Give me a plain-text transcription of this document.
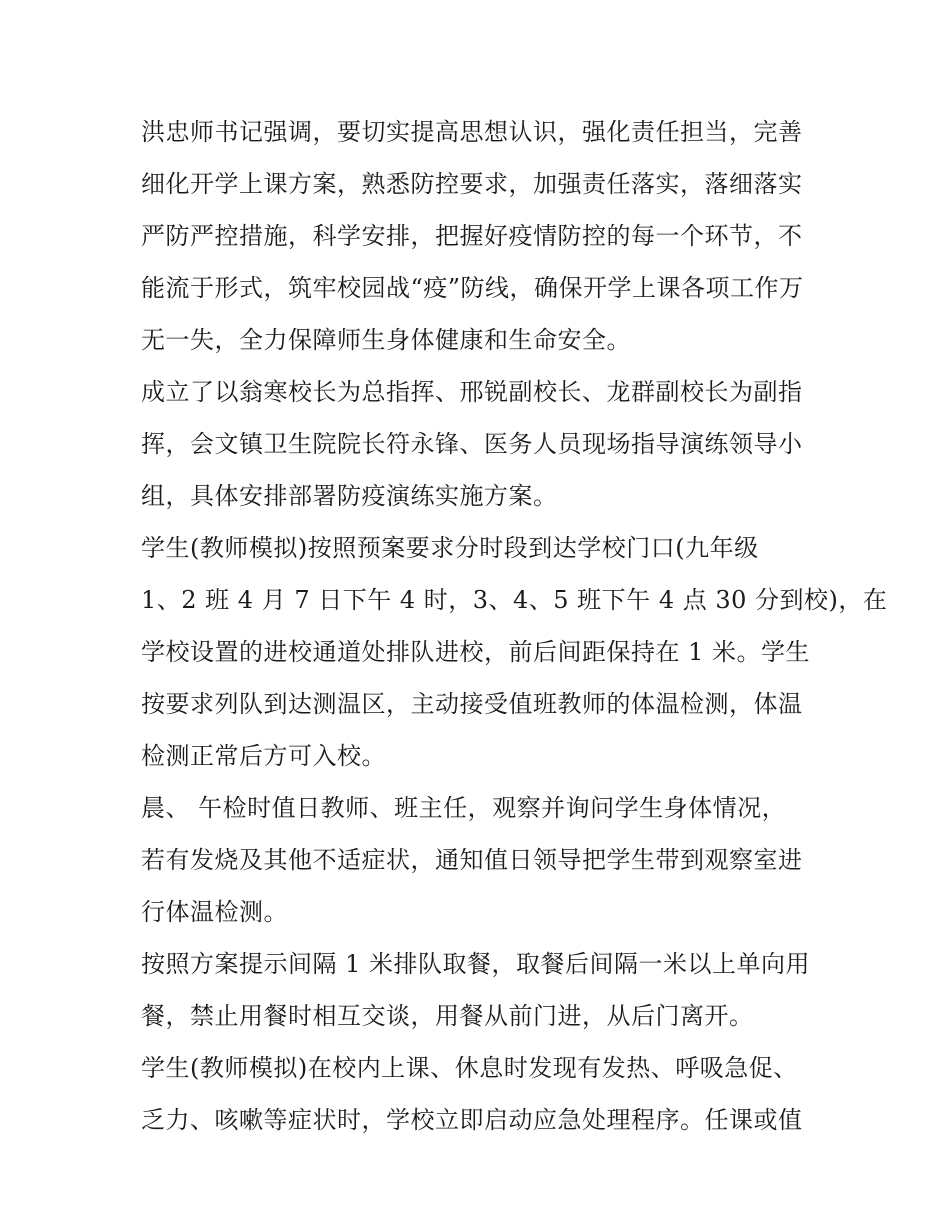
洪忠师书记强调，要切实提高思想认识，强化责任担当，完善
细化开学上课方案，熟悉防控要求，加强责任落实，落细落实
严防严控措施，科学安排，把握好疫情防控的每一个环节，不
能流于形式，筑牢校园战“疫”防线，确保开学上课各项工作万
无一失，全力保障师生身体健康和生命安全。
成立了以翁寒校长为总指挥、邢锐副校长、龙群副校长为副指
挥，会文镇卫生院院长符永锋、医务人员现场指导演练领导小
组，具体安排部署防疫演练实施方案。
学生(教师模拟)按照预案要求分时段到达学校门口(九年级
1、2 班 4 月 7 日下午 4 时，3、4、5 班下午 4 点 30 分到校)，在
学校设置的进校通道处排队进校，前后间距保持在 1 米。学生
按要求列队到达测温区，主动接受值班教师的体温检测，体温
检测正常后方可入校。
晨、 午检时值日教师、班主任，观察并询问学生身体情况，
若有发烧及其他不适症状，通知值日领导把学生带到观察室进
行体温检测。
按照方案提示间隔 1 米排队取餐，取餐后间隔一米以上单向用
餐，禁止用餐时相互交谈，用餐从前门进，从后门离开。
学生(教师模拟)在校内上课、休息时发现有发热、呼吸急促、
乏力、咳嗽等症状时，学校立即启动应急处理程序。任课或值
